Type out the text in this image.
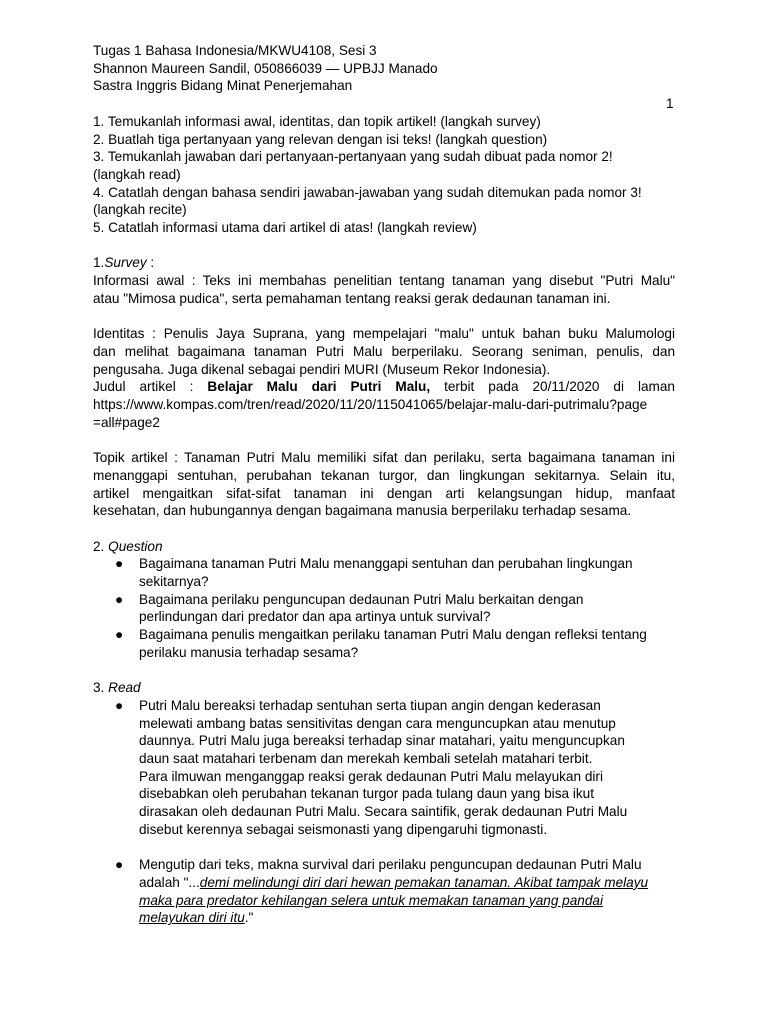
1
Tugas 1 Bahasa Indonesia/MKWU4108, Sesi 3
Shannon Maureen Sandil, 050866039 — UPBJJ Manado
Sastra Inggris Bidang Minat Penerjemahan
1. Temukanlah informasi awal, identitas, dan topik artikel! (langkah survey)
2. Buatlah tiga pertanyaan yang relevan dengan isi teks! (langkah question)
3. Temukanlah jawaban dari pertanyaan-pertanyaan yang sudah dibuat pada nomor 2!
(langkah read)
4. Catatlah dengan bahasa sendiri jawaban-jawaban yang sudah ditemukan pada nomor 3!
(langkah recite)
5. Catatlah informasi utama dari artikel di atas! (langkah review)
1.Survey :
Informasi awal : Teks ini membahas penelitian tentang tanaman yang disebut "Putri Malu"
atau "Mimosa pudica", serta pemahaman tentang reaksi gerak dedaunan tanaman ini.
Identitas : Penulis Jaya Suprana, yang mempelajari "malu" untuk bahan buku Malumologi
dan melihat bagaimana tanaman Putri Malu berperilaku. Seorang seniman, penulis, dan
pengusaha. Juga dikenal sebagai pendiri MURI (Museum Rekor Indonesia).
Judul artikel : Belajar Malu dari Putri Malu, terbit pada 20/11/2020 di laman
https://www.kompas.com/tren/read/2020/11/20/115041065/belajar-malu-dari-putrimalu?page
=all#page2
Topik artikel : Tanaman Putri Malu memiliki sifat dan perilaku, serta bagaimana tanaman ini
menanggapi sentuhan, perubahan tekanan turgor, dan lingkungan sekitarnya. Selain itu,
artikel mengaitkan sifat-sifat tanaman ini dengan arti kelangsungan hidup, manfaat
kesehatan, dan hubungannya dengan bagaimana manusia berperilaku terhadap sesama.
2. Question
● Bagaimana tanaman Putri Malu menanggapi sentuhan dan perubahan lingkungan
sekitarnya?
● Bagaimana perilaku penguncupan dedaunan Putri Malu berkaitan dengan
perlindungan dari predator dan apa artinya untuk survival?
● Bagaimana penulis mengaitkan perilaku tanaman Putri Malu dengan refleksi tentang
perilaku manusia terhadap sesama?
3. Read
● Putri Malu bereaksi terhadap sentuhan serta tiupan angin dengan kederasan
melewati ambang batas sensitivitas dengan cara menguncupkan atau menutup
daunnya. Putri Malu juga bereaksi terhadap sinar matahari, yaitu menguncupkan
daun saat matahari terbenam dan merekah kembali setelah matahari terbit.
Para ilmuwan menganggap reaksi gerak dedaunan Putri Malu melayukan diri
disebabkan oleh perubahan tekanan turgor pada tulang daun yang bisa ikut
dirasakan oleh dedaunan Putri Malu. Secara saintifik, gerak dedaunan Putri Malu
disebut kerennya sebagai seismonasti yang dipengaruhi tigmonasti.
● Mengutip dari teks, makna survival dari perilaku penguncupan dedaunan Putri Malu
adalah "...demi melindungi diri dari hewan pemakan tanaman. Akibat tampak melayu
maka para predator kehilangan selera untuk memakan tanaman yang pandai
melayukan diri itu."
